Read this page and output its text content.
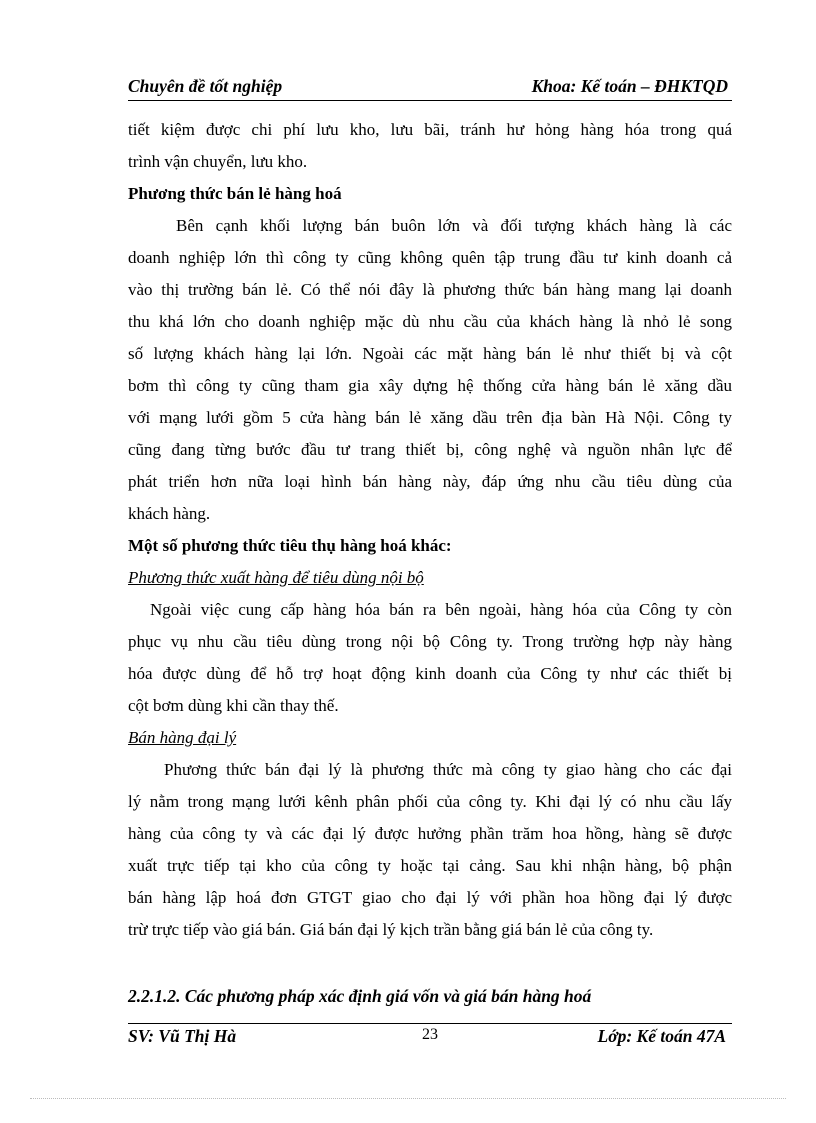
Chuyên đề tốt nghiệp	Khoa: Kế toán – ĐHKTQD
tiết kiệm được chi phí lưu kho, lưu bãi, tránh hư hỏng hàng hóa trong quá
trình vận chuyển, lưu kho.
Phương thức bán lẻ hàng hoá
Bên cạnh khối lượng bán buôn lớn và đối tượng khách hàng là các
doanh nghiệp lớn thì công ty cũng không quên tập trung đầu tư kinh doanh cả
vào thị trường bán lẻ. Có thể nói đây là phương thức bán hàng mang lại doanh
thu khá lớn cho doanh nghiệp mặc dù nhu cầu của khách hàng là nhỏ lẻ song
số lượng khách hàng lại lớn. Ngoài các mặt hàng bán lẻ như thiết bị và cột
bơm thì công ty cũng tham gia xây dựng hệ thống cửa hàng bán lẻ xăng dầu
với mạng lưới gồm 5 cửa hàng bán lẻ xăng dầu trên địa bàn Hà Nội. Công ty
cũng đang từng bước đầu tư trang thiết bị, công nghệ và nguồn nhân lực để
phát triển hơn nữa loại hình bán hàng này, đáp ứng nhu cầu tiêu dùng của
khách hàng.
Một số phương thức tiêu thụ hàng hoá khác:
Phương thức xuất hàng để tiêu dùng nội bộ
Ngoài việc cung cấp hàng hóa bán ra bên ngoài, hàng hóa của Công ty còn
phục vụ nhu cầu tiêu dùng trong nội bộ Công ty. Trong trường hợp này hàng
hóa được dùng để hỗ trợ hoạt động kinh doanh của Công ty như các thiết bị
cột bơm dùng khi cần thay thế.
Bán hàng đại lý
Phương thức bán đại lý là phương thức mà công ty giao hàng cho các đại
lý nằm trong mạng lưới kênh phân phối của công ty. Khi đại lý có nhu cầu lấy
hàng của công ty và các đại lý được hưởng phần trăm hoa hồng, hàng sẽ được
xuất trực tiếp tại kho của công ty hoặc tại cảng. Sau khi nhận hàng, bộ phận
bán hàng lập hoá đơn GTGT giao cho đại lý với phần hoa hồng đại lý được
trừ trực tiếp vào giá bán. Giá bán đại lý kịch trần bằng giá bán lẻ của công ty.
2.2.1.2. Các phương pháp xác định giá vốn và giá bán hàng hoá
SV: Vũ Thị Hà	23	Lớp: Kế toán 47A
